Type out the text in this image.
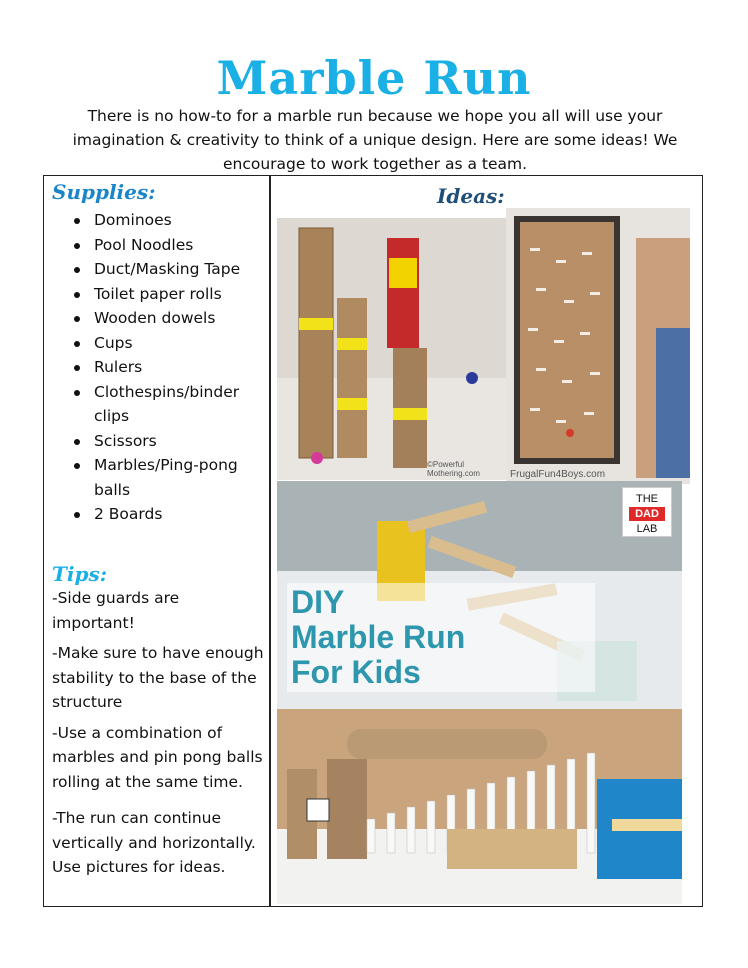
Marble Run
There is no how-to for a marble run because we hope you all will use your imagination & creativity to think of a unique design. Here are some ideas! We encourage to work together as a team.
Supplies:
Dominoes
Pool Noodles
Duct/Masking Tape
Toilet paper rolls
Wooden dowels
Cups
Rulers
Clothespins/binder clips
Scissors
Marbles/Ping-pong balls
2 Boards
Tips:

-Side guards are important!

-Make sure to have enough stability to the base of the structure

-Use a combination of marbles and pin pong balls rolling at the same time.

-The run can continue vertically and horizontally. Use pictures for ideas.

Ideas:
©Powerful Mothering.com	FrugalFun4Boys.com
THE
DAD
LAB
DIY
Marble Run
For Kids
